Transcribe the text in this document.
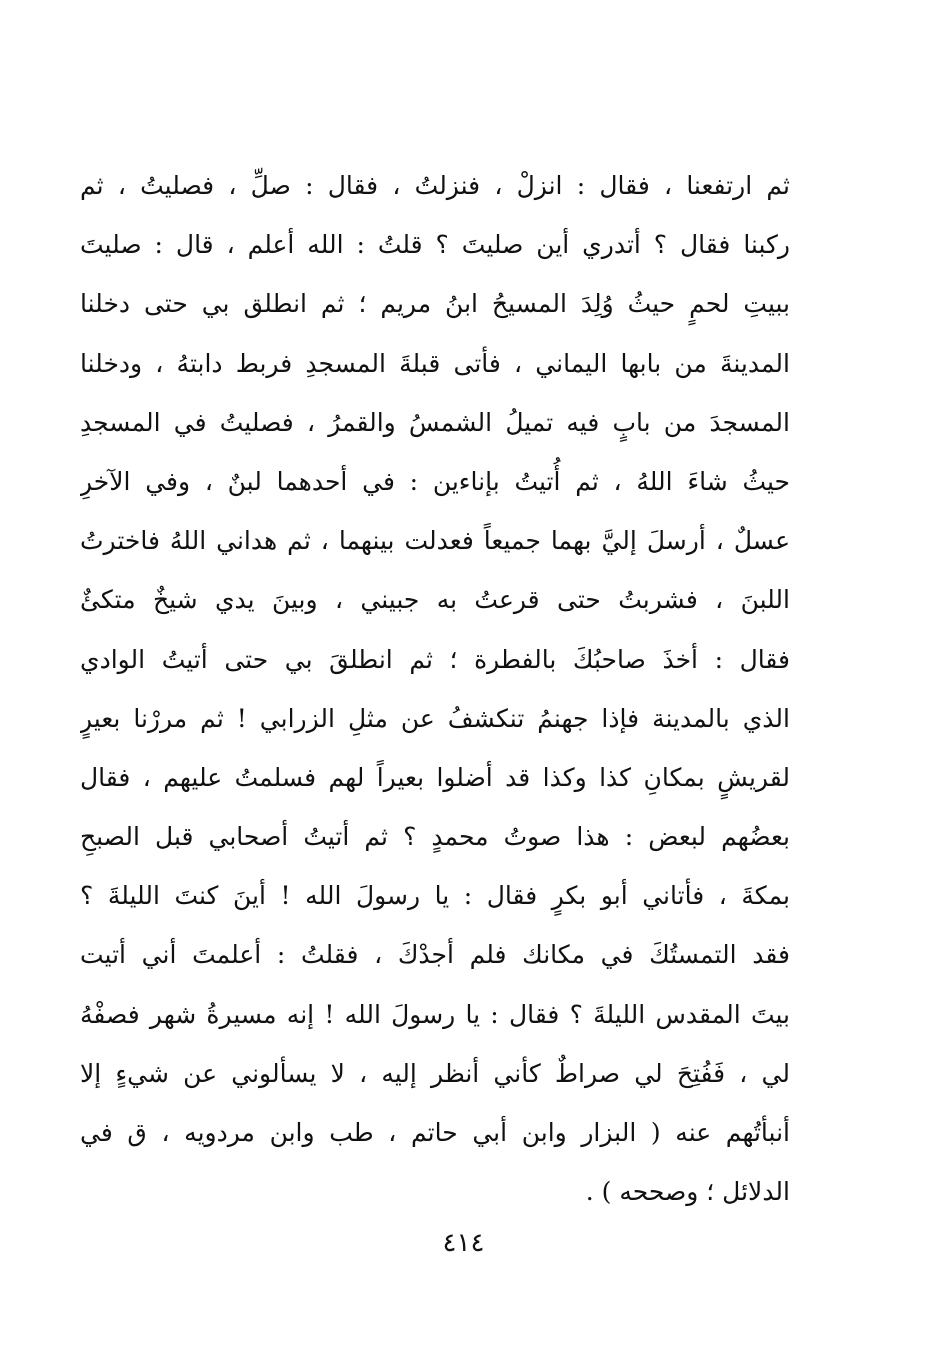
ثم ارتفعنا ، فقال : انزلْ ، فنزلتُ ، فقال : صلِّ ، فصليتُ ، ثم
ركبنا فقال ؟ أتدري أين صليتَ ؟ قلتُ : الله أعلم ، قال : صليتَ
ببيتِ لحمٍ حيثُ وُلِدَ المسيحُ ابنُ مريم ؛ ثم انطلق بي حتى دخلنا
المدينةَ من بابها اليماني ، فأتى قبلةَ المسجدِ فربط دابتهُ ، ودخلنا
المسجدَ من بابٍ فيه تميلُ الشمسُ والقمرُ ، فصليتُ في المسجدِ
حيثُ شاءَ اللهُ ، ثم أُتيتُ بإناءين : في أحدهما لبنٌ ، وفي الآخرِ
عسلٌ ، أرسلَ إليَّ بهما جميعاً فعدلت بينهما ، ثم هداني اللهُ فاخترتُ
اللبنَ ، فشربتُ حتى قرعتُ به جبيني ، وبينَ يدي شيخٌ متكئٌ
فقال : أخذَ صاحبُكَ بالفطرة ؛ ثم انطلقَ بي حتى أتيتُ الوادي
الذي بالمدينة فإذا جهنمُ تنكشفُ عن مثلِ الزرابي ! ثم مررْنا بعيرٍ
لقريشٍ بمكانِ كذا وكذا قد أضلوا بعيراً لهم فسلمتُ عليهم ، فقال
بعضُهم لبعض : هذا صوتُ محمدٍ ؟ ثم أتيتُ أصحابي قبل الصبحِ
بمكةَ ، فأتاني أبو بكرٍ فقال : يا رسولَ الله ! أينَ كنتَ الليلةَ ؟
فقد التمستُكَ في مكانك فلم أجدْكَ ، فقلتُ : أعلمتَ أني أتيت
بيتَ المقدس الليلةَ ؟ فقال : يا رسولَ الله ! إنه مسيرةُ شهر فصفْهُ
لي ، فَفُتِحَ لي صراطٌ كأني أنظر إليه ، لا يسألوني عن شيءٍ إلا
أنبأتُهم عنه ( البزار وابن أبي حاتم ، طب وابن مردويه ، ق في
الدلائل ؛ وصححه ) .
٤١٤
